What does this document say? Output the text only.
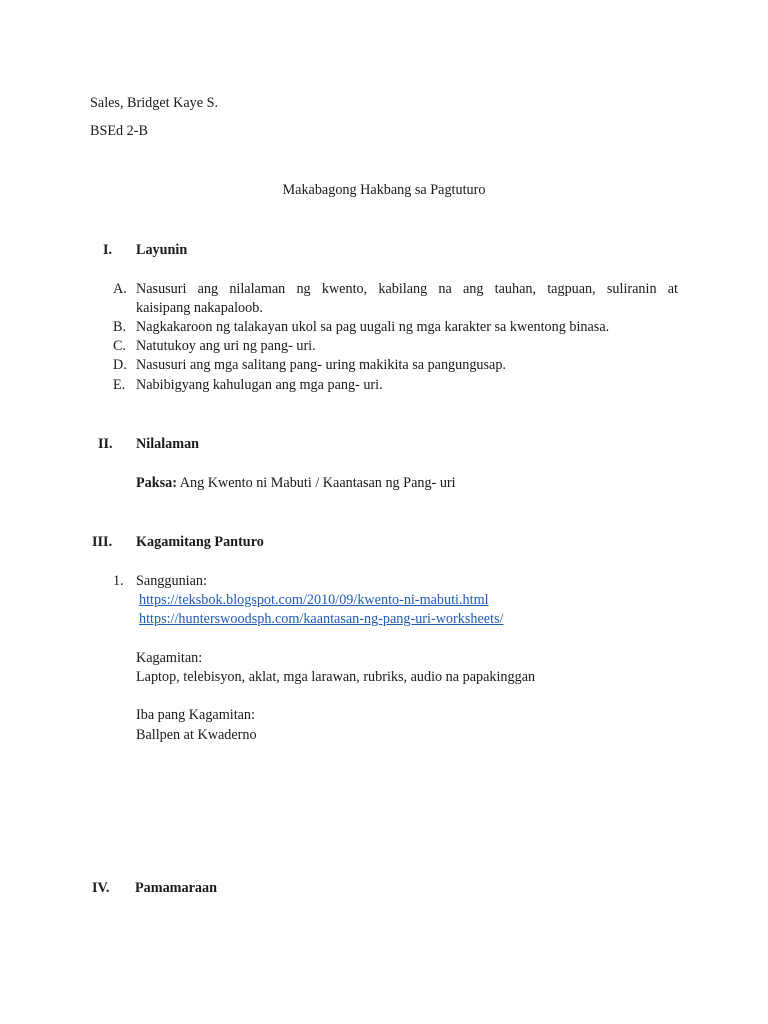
Sales, Bridget Kaye S.
BSEd 2-B
Makabagong Hakbang sa Pagtuturo
I. Layunin
A. Nasusuri ang nilalaman ng kwento, kabilang na ang tauhan, tagpuan, suliranin at
kaisipang nakapaloob.
B. Nagkakaroon ng talakayan ukol sa pag uugali ng mga karakter sa kwentong binasa.
C. Natutukoy ang uri ng pang- uri.
D. Nasusuri ang mga salitang pang- uring makikita sa pangungusap.
E. Nabibigyang kahulugan ang mga pang- uri.
II. Nilalaman
Paksa: Ang Kwento ni Mabuti / Kaantasan ng Pang- uri
III. Kagamitang Panturo
1. Sanggunian:
https://teksbok.blogspot.com/2010/09/kwento-ni-mabuti.html
https://hunterswoodsph.com/kaantasan-ng-pang-uri-worksheets/
Kagamitan:
Laptop, telebisyon, aklat, mga larawan, rubriks, audio na papakinggan
Iba pang Kagamitan:
Ballpen at Kwaderno
IV. Pamamaraan
